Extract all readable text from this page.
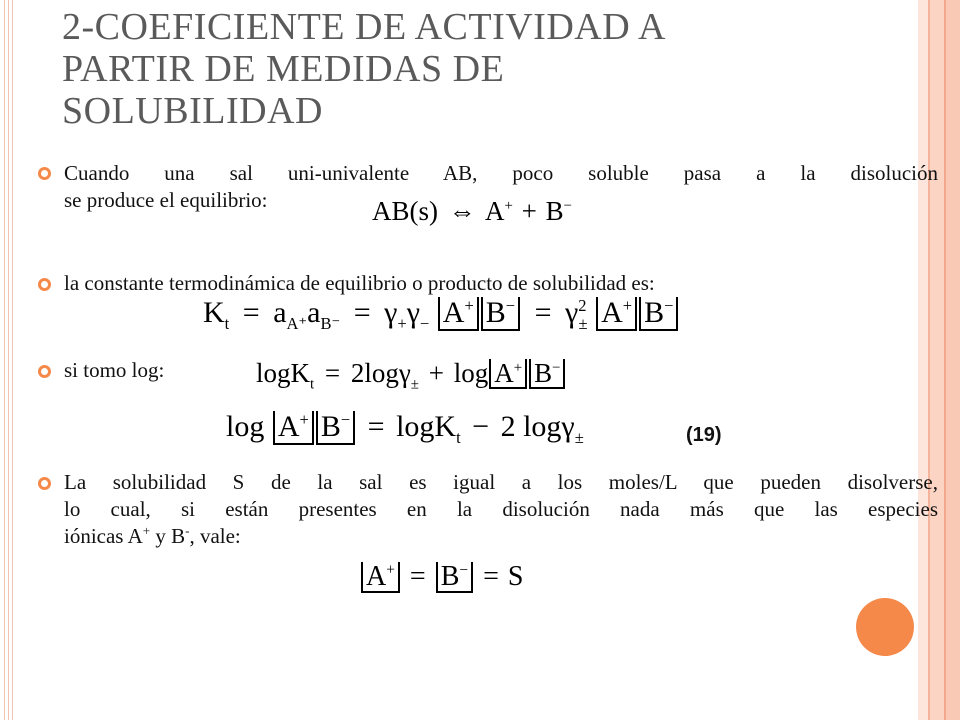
2-COEFICIENTE DE ACTIVIDAD A
PARTIR DE MEDIDAS DE
SOLUBILIDAD
Cuando una sal uni-univalente AB, poco soluble pasa a la disolución
se produce el equilibrio:	AB(s) ⇔ A+ + B−
la constante termodinámica de equilibrio o producto de solubilidad es:
$K_t = a_{A^+}a_{B^-} = \gamma_+\gamma_-$ A+ $B^- = \gamma^2_\pm$ A+ B−
si tomo log:	logK$_t$ = 2logγ$_\pm$ + log A+ B−
log A+ B− = logK$_t$ − 2 logγ$_\pm$	(19)
La solubilidad S de la sal es igual a los moles/L que pueden disolverse,
lo cual, si están presentes en la disolución nada más que las especies
iónicas A+ y B-, vale:
A+ = B− = S
